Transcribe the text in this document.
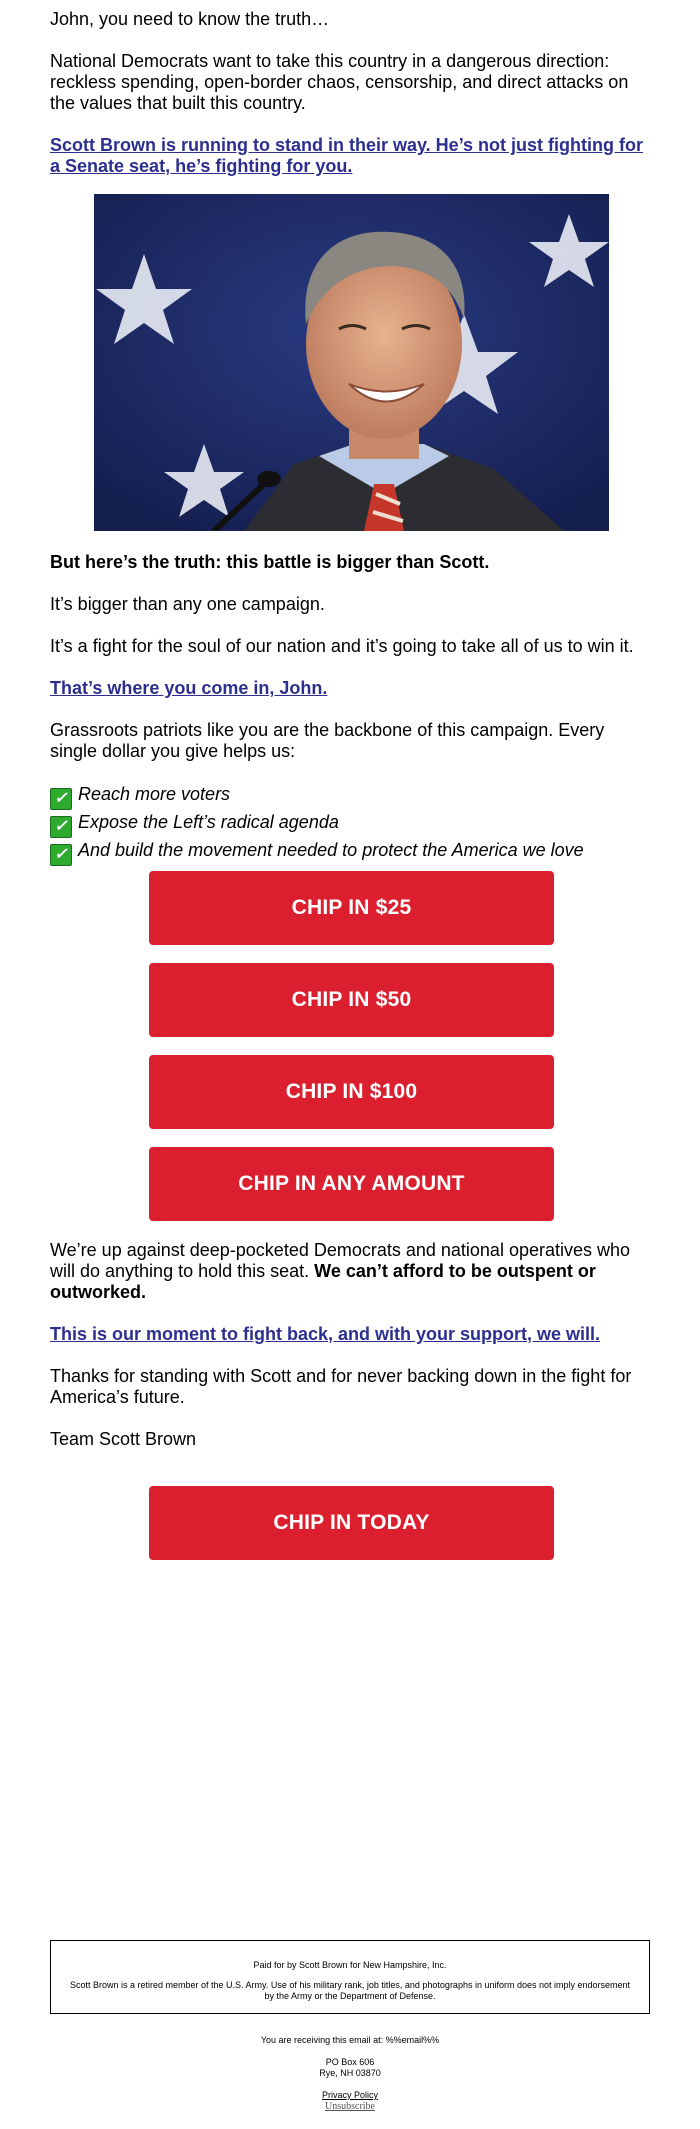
John, you need to know the truth…

National Democrats want to take this country in a dangerous direction: reckless spending, open-border chaos, censorship, and direct attacks on the values that built this country.

Scott Brown is running to stand in their way. He’s not just fighting for a Senate seat, he’s fighting for you.

But here’s the truth: this battle is bigger than Scott.

It’s bigger than any one campaign.

It’s a fight for the soul of our nation and it’s going to take all of us to win it.

That’s where you come in, John.

Grassroots patriots like you are the backbone of this campaign. Every single dollar you give helps us:

✓ Reach more voters
✓ Expose the Left’s radical agenda
✓ And build the movement needed to protect the America we love
CHIP IN $25
CHIP IN $50
CHIP IN $100
CHIP IN ANY AMOUNT

We’re up against deep-pocketed Democrats and national operatives who will do anything to hold this seat. We can’t afford to be outspent or outworked.

This is our moment to fight back, and with your support, we will.

Thanks for standing with Scott and for never backing down in the fight for America’s future.

Team Scott Brown

CHIP IN TODAY
Paid for by Scott Brown for New Hampshire, Inc.
Scott Brown is a retired member of the U.S. Army. Use of his military rank, job titles, and photographs in uniform does not imply endorsement by the Army or the Department of Defense.
You are receiving this email at: %%email%%
PO Box 606
Rye, NH 03870
Privacy Policy
Unsubscribe
